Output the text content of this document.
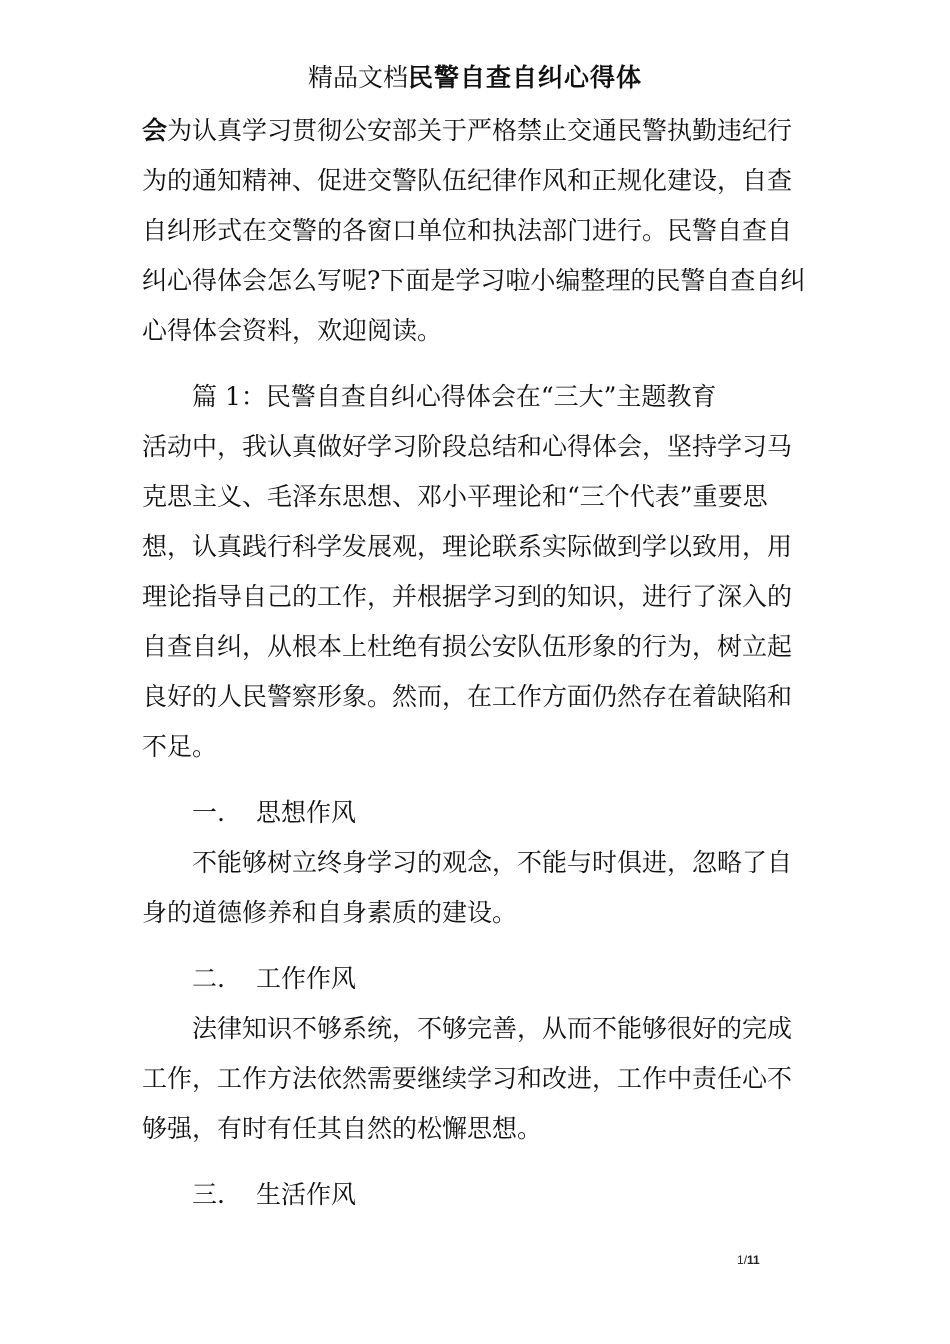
精品文档民警自查自纠心得体

会为认真学习贯彻公安部关于严格禁止交通民警执勤违纪行为的通知精神、促进交警队伍纪律作风和正规化建设，自查自纠形式在交警的各窗口单位和执法部门进行。民警自查自纠心得体会怎么写呢?下面是学习啦小编整理的民警自查自纠心得体会资料，欢迎阅读。

篇 1：民警自查自纠心得体会在“三大”主题教育

活动中，我认真做好学习阶段总结和心得体会，坚持学习马克思主义、毛泽东思想、邓小平理论和“三个代表”重要思想，认真践行科学发展观，理论联系实际做到学以致用，用理论指导自己的工作，并根据学习到的知识，进行了深入的自查自纠，从根本上杜绝有损公安队伍形象的行为，树立起良好的人民警察形象。然而，在工作方面仍然存在着缺陷和不足。

一. 思想作风

不能够树立终身学习的观念，不能与时俱进，忽略了自身的道德修养和自身素质的建设。

二. 工作作风

法律知识不够系统，不够完善，从而不能够很好的完成工作，工作方法依然需要继续学习和改进，工作中责任心不够强，有时有任其自然的松懈思想。

三. 生活作风

1/11
